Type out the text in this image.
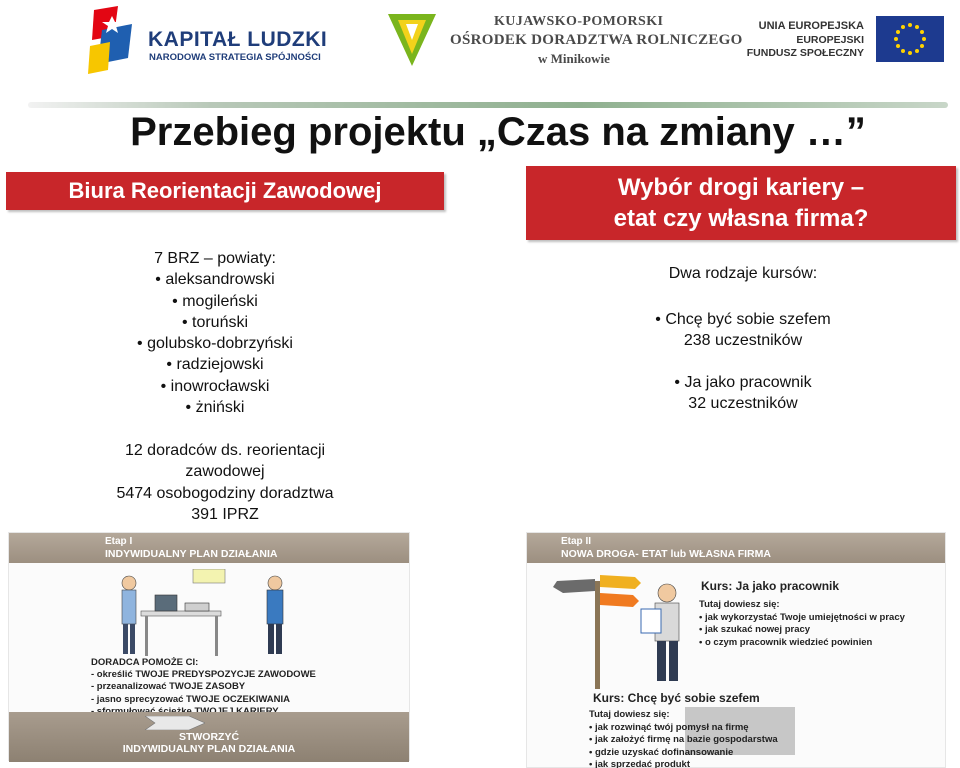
KAPITAŁ LUDZKI
NARODOWA STRATEGIA SPÓJNOŚCI
KUJAWSKO-POMORSKI
OŚRODEK DORADZTWA ROLNICZEGO
w Minikowie
UNIA EUROPEJSKA
EUROPEJSKI
FUNDUSZ SPOŁECZNY
Przebieg projektu „Czas na zmiany …”
Biura Reorientacji Zawodowej
7 BRZ – powiaty:
• aleksandrowski
• mogileński
• toruński
• golubsko-dobrzyński
• radziejowski
• inowrocławski
• żniński
12 doradców ds. reorientacji
zawodowej
5474 osobogodziny doradztwa
391 IPRZ
Wybór drogi kariery –
etat czy własna firma?
Dwa rodzaje kursów:
• Chcę być sobie szefem
238 uczestników
• Ja jako pracownik
32 uczestników
Etap I
INDYWIDUALNY PLAN DZIAŁANIA
DORADCA POMOŻE CI:
- określić TWOJE PREDYSPOZYCJE ZAWODOWE
- przeanalizować TWOJE ZASOBY
- jasno sprecyzować TWOJE OCZEKIWANIA
STWORZYĆ
INDYWIDUALNY PLAN DZIAŁANIA
Etap II
NOWA DROGA- ETAT lub WŁASNA FIRMA
Kurs: Ja jako pracownik
Tutaj dowiesz się:
• jak wykorzystać Twoje umiejętności w pracy
• jak szukać nowej pracy
• o czym pracownik wiedzieć powinien
Kurs: Chcę być sobie szefem
Tutaj dowiesz się:
• jak rozwinąć twój pomysł na firmę
• jak założyć firmę na bazie gospodarstwa
• gdzie uzyskać dofinansowanie
• jak sprzedać produkt
